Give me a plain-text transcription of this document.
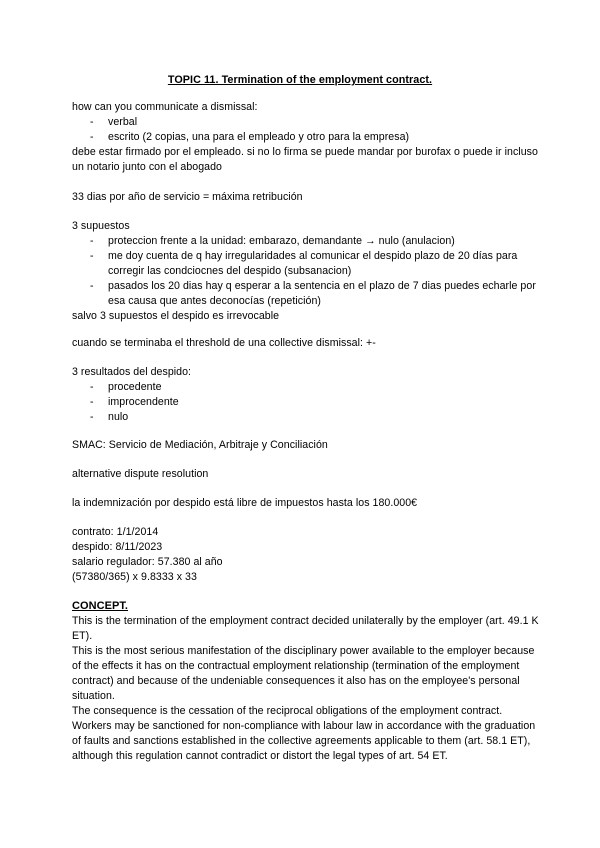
TOPIC 11. Termination of the employment contract.

how can you communicate a dismissal:

- verbal
- escrito (2 copias, una para el empleado y otro para la empresa)

debe estar firmado por el empleado. si no lo firma se puede mandar por burofax o puede ir incluso un notario junto con el abogado

33 dias por año de servicio = máxima retribución

3 supuestos

- proteccion frente a la unidad: embarazo, demandante → nulo (anulacion)
- me doy cuenta de q hay irregularidades al comunicar el despido plazo de 20 días para corregir las condciocnes del despido (subsanacion)
- pasados los 20 dias hay q esperar a la sentencia en el plazo de 7 dias puedes echarle por esa causa que antes deconocías (repetición)

salvo 3 supuestos el despido es irrevocable

cuando se terminaba el threshold de una collective dismissal: +-

3 resultados del despido:

- procedente
- improcendente
- nulo
SMAC: Servicio de Mediación, Arbitraje y Conciliación
alternative dispute resolution
la indemnización por despido está libre de impuestos hasta los 180.000€

contrato: 1/1/2014

despido: 8/11/2023

salario regulador: 57.380 al año

(57380/365) x 9.8333 x 33

CONCEPT.

This is the termination of the employment contract decided unilaterally by the employer (art. 49.1 K ET).

This is the most serious manifestation of the disciplinary power available to the employer because of the effects it has on the contractual employment relationship (termination of the employment contract) and because of the undeniable consequences it also has on the employee's personal situation.

The consequence is the cessation of the reciprocal obligations of the employment contract. Workers may be sanctioned for non-compliance with labour law in accordance with the graduation of faults and sanctions established in the collective agreements applicable to them (art. 58.1 ET), although this regulation cannot contradict or distort the legal types of art. 54 ET.
